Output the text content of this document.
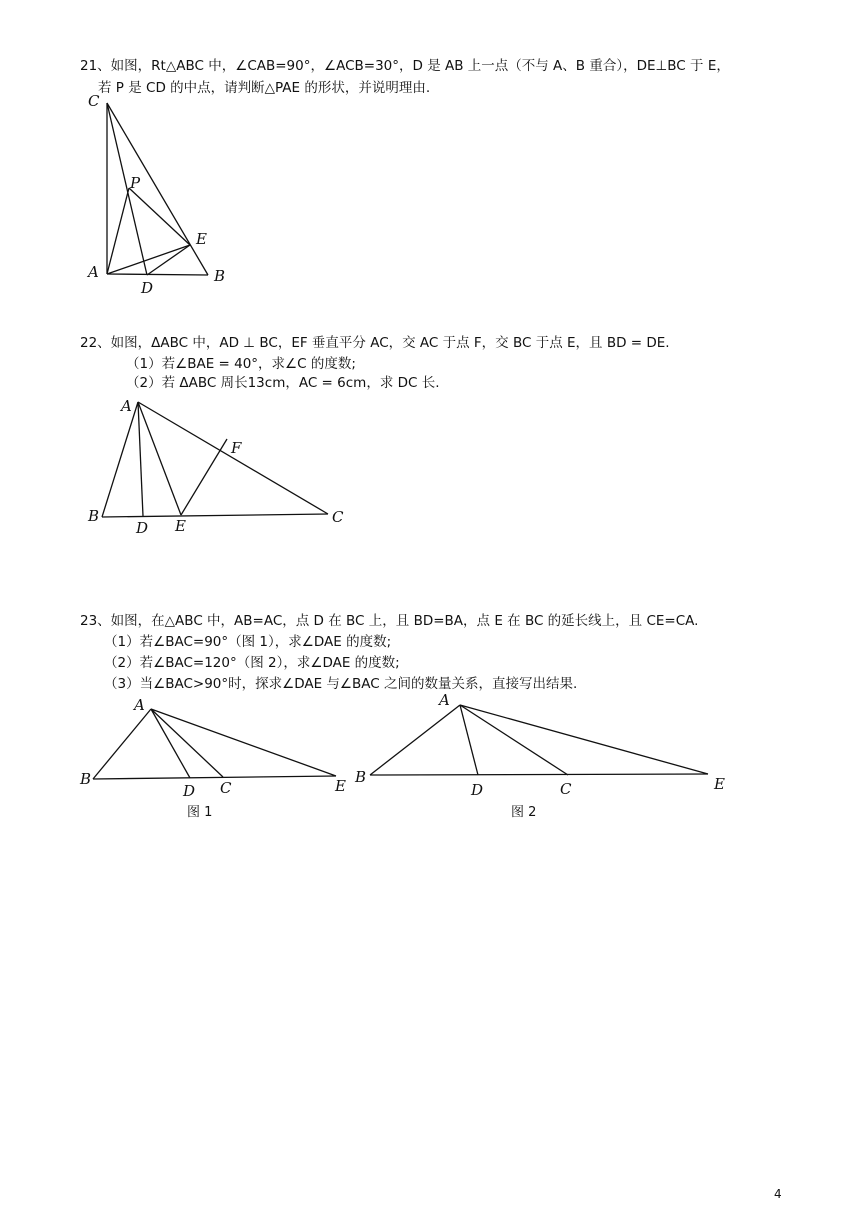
21、如图，Rt△ABC 中，∠CAB=90°，∠ACB=30°，D 是 AB 上一点（不与 A、B 重合），DE⊥BC 于 E，
若 P 是 CD 的中点，请判断△PAE 的形状，并说明理由.
C
P
E
A
D
B
22、如图，ΔABC 中，AD ⊥ BC，EF 垂直平分 AC，交 AC 于点 F，交 BC 于点 E，且 BD = DE.
（1）若∠BAE = 40°，求∠C 的度数;
（2）若 ΔABC 周长13cm，AC = 6cm，求 DC 长.
A
F
B
D E	C
23、如图，在△ABC 中，AB=AC，点 D 在 BC 上，且 BD=BA，点 E 在 BC 的延长线上，且 CE=CA.
（1）若∠BAC=90°（图 1），求∠DAE 的度数;
（2）若∠BAC=120°（图 2），求∠DAE 的度数;
（3）当∠BAC>90°时，探求∠DAE 与∠BAC 之间的数量关系，直接写出结果.
A
B
D C	E
图 1
A
B
D	C	E
图 2
4
